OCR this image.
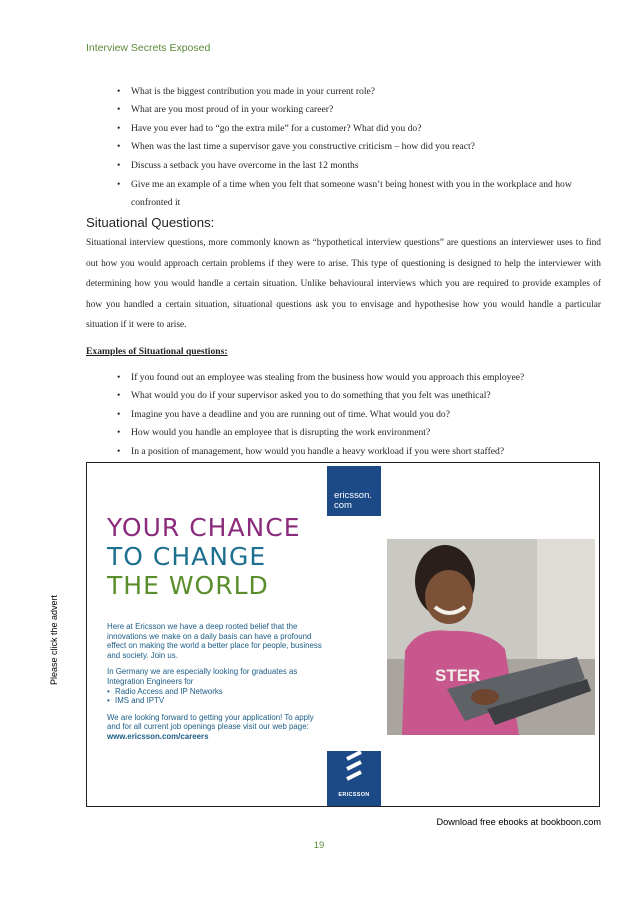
Interview Secrets Exposed
• What is the biggest contribution you made in your current role?
• What are you most proud of in your working career?
• Have you ever had to “go the extra mile” for a customer? What did you do?
• When was the last time a supervisor gave you constructive criticism – how did you react?
• Discuss a setback you have overcome in the last 12 months
• Give me an example of a time when you felt that someone wasn’t being honest with you in the workplace and how confronted it
Situational Questions:
Situational interview questions, more commonly known as “hypothetical interview questions” are questions an interviewer uses to find out how you would approach certain problems if they were to arise. This type of questioning is designed to help the interviewer with determining how you would handle a certain situation. Unlike behavioural interviews which you are required to provide examples of how you handled a certain situation, situational questions ask you to envisage and hypothesise how you would handle a particular situation if it were to arise.
Examples of Situational questions:
• If you found out an employee was stealing from the business how would you approach this employee?
• What would you do if your supervisor asked you to do something that you felt was unethical?
• Imagine you have a deadline and you are running out of time. What would you do?
• How would you handle an employee that is disrupting the work environment?
• In a position of management, how would you handle a heavy workload if you were short staffed?
Please click the advert
ericsson.
com
YOUR CHANCE
TO CHANGE
THE WORLD

Here at Ericsson we have a deep rooted belief that the innovations we make on a daily basis can have a profound effect on making the world a better place for people, business and society. Join us.

In Germany we are especially looking for graduates as Integration Engineers for
• Radio Access and IP Networks
• IMS and IPTV

We are looking forward to getting your application! To apply and for all current job openings please visit our web page: www.ericsson.com/careers

STER
ERICSSON
Download free ebooks at bookboon.com
19
